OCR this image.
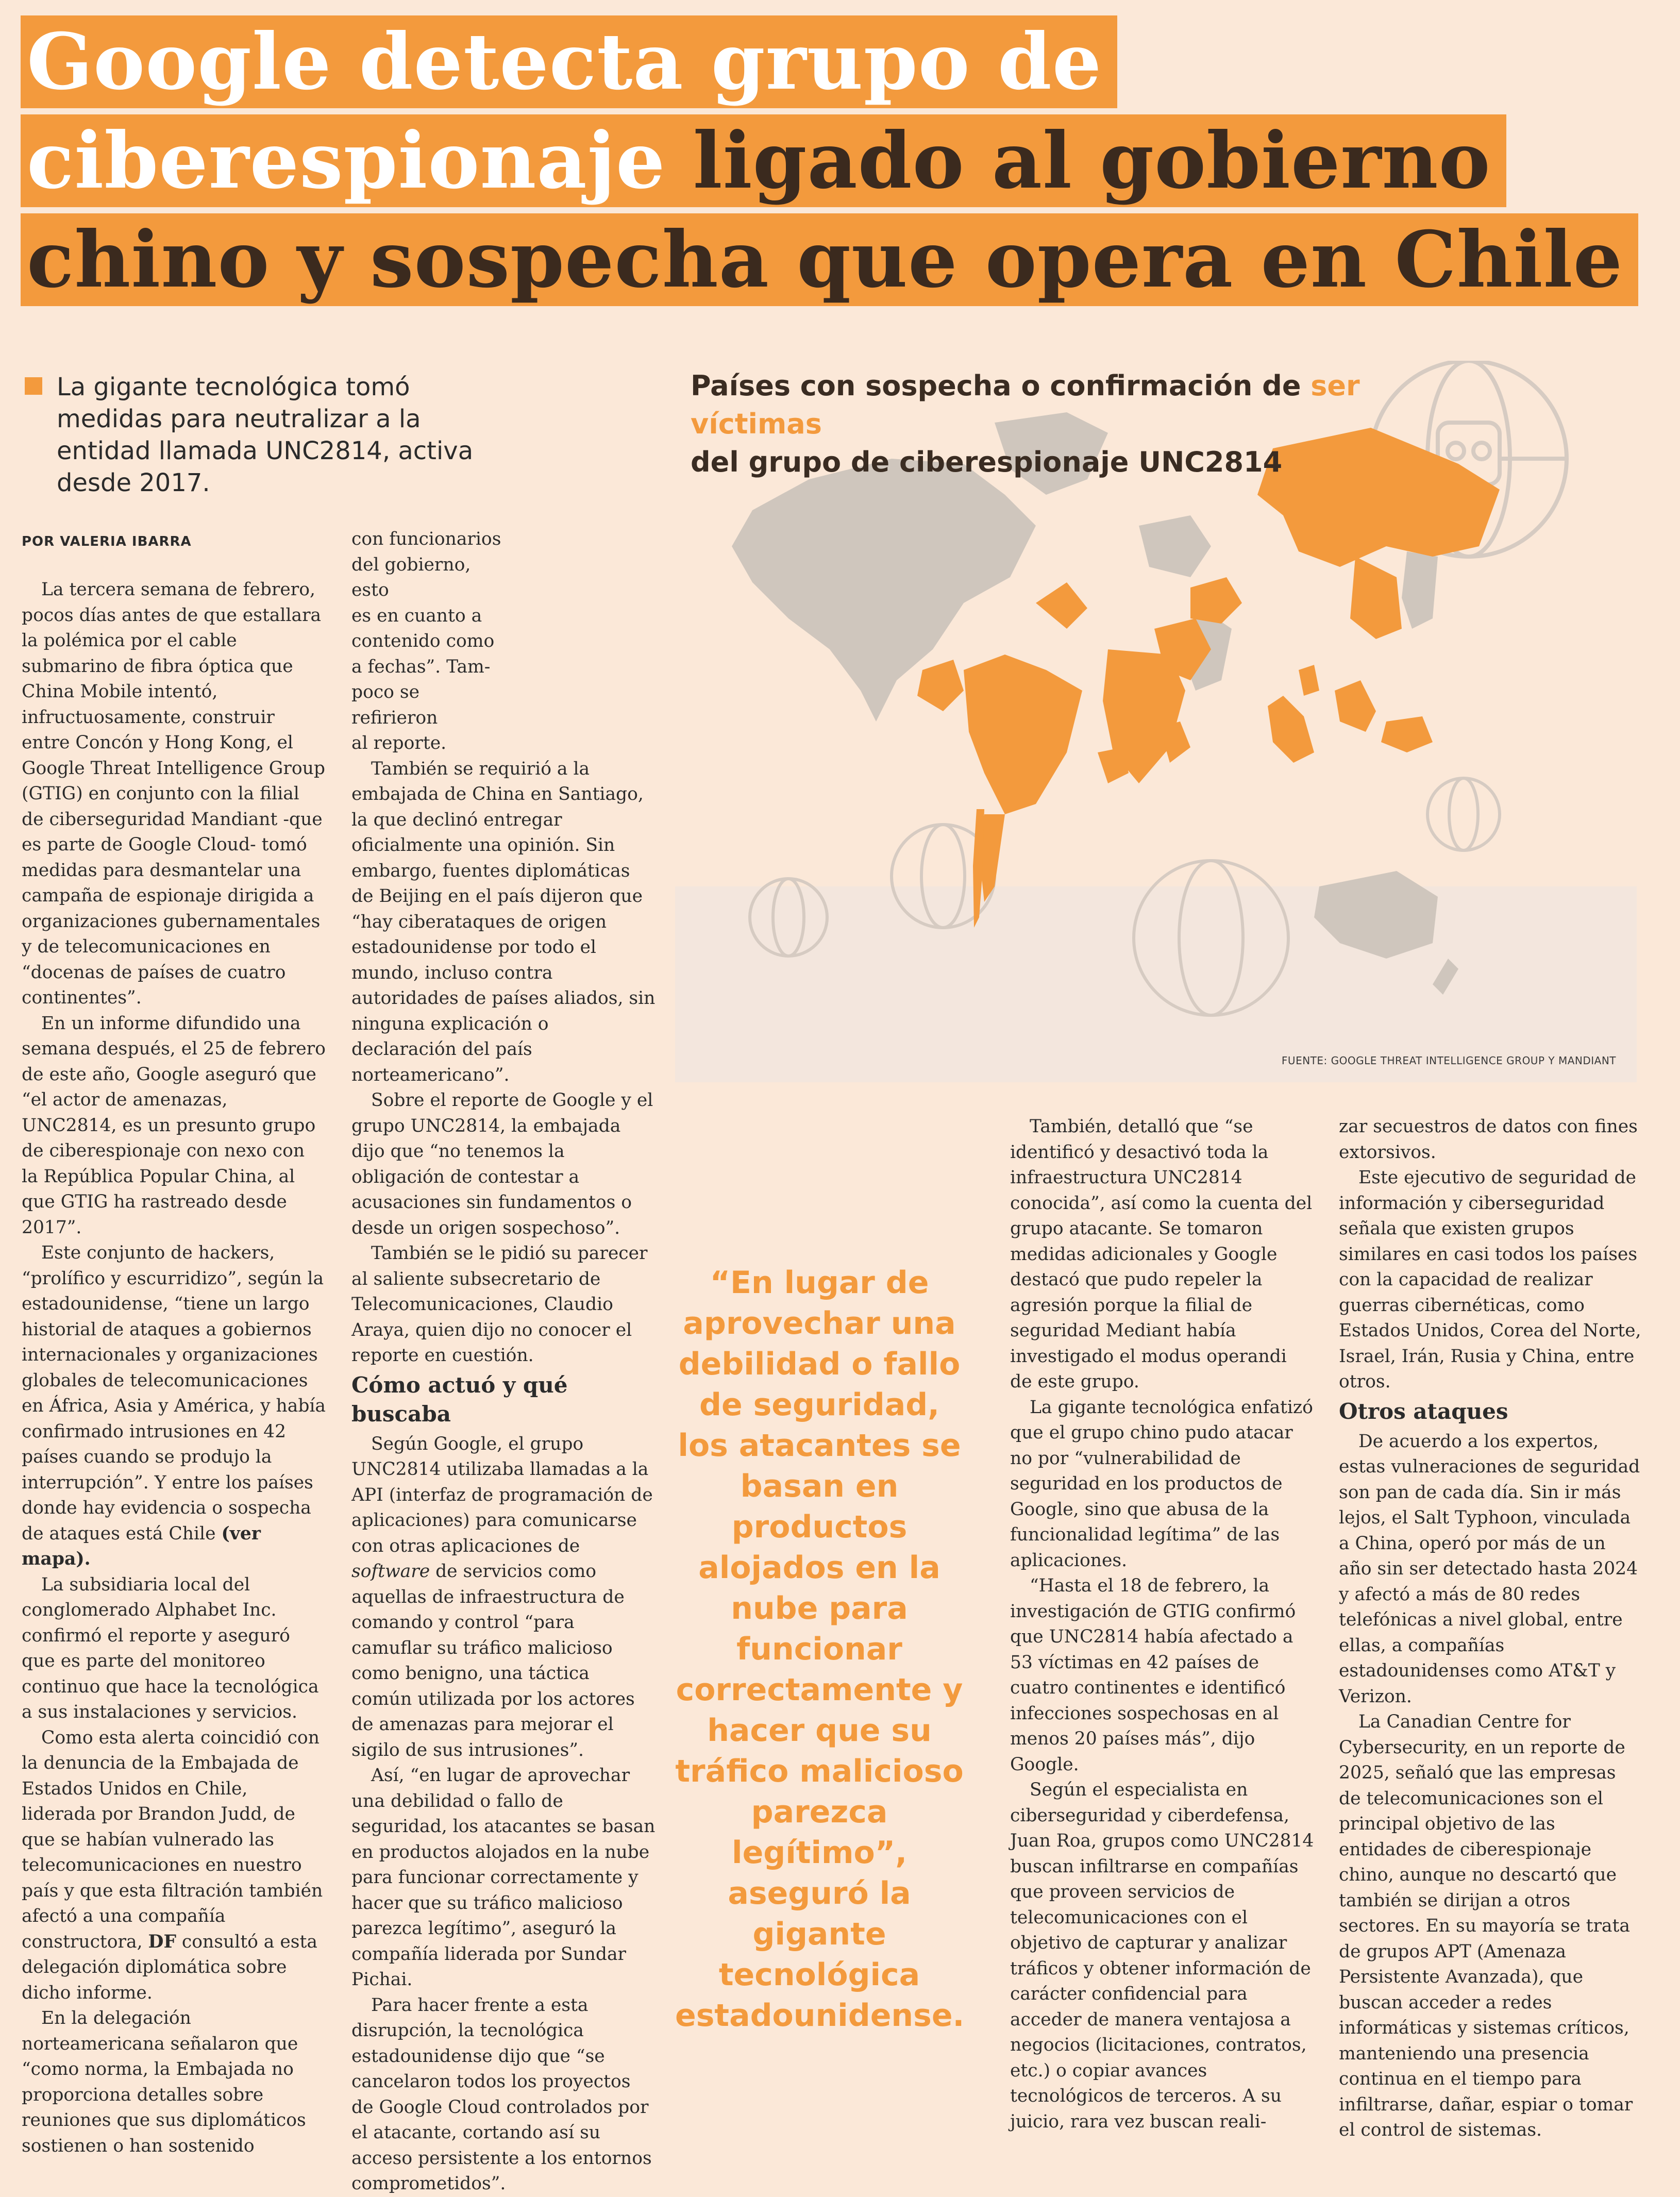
Google detecta grupo de
ciberespionaje ligado al gobierno
chino y sospecha que opera en Chile
La gigante tecnológica tomó medidas para neutralizar a la entidad llamada UNC2814, activa desde 2017.
POR VALERIA IBARRA

La tercera semana de febrero, pocos días antes de que estallara la polémica por el cable submarino de fibra óptica que China Mobile intentó, infructuosamente, construir entre Concón y Hong Kong, el Google Threat Intelligence Group (GTIG) en conjunto con la filial de ciberseguridad Mandiant -que es parte de Google Cloud- tomó medidas para desmantelar una campaña de espionaje dirigida a organizaciones gubernamentales y de telecomunicaciones en “docenas de países de cuatro continentes”.

En un informe difundido una semana después, el 25 de febrero de este año, Google aseguró que “el actor de amenazas, UNC2814, es un presunto grupo de ciberespionaje con nexo con la República Popular China, al que GTIG ha rastreado desde 2017”.

Este conjunto de hackers, “prolífico y escurridizo”, según la estadounidense, “tiene un largo historial de ataques a gobiernos internacionales y organizaciones globales de telecomunicaciones en África, Asia y América, y había confirmado intrusiones en 42 países cuando se produjo la interrupción”. Y entre los países donde hay evidencia o sospecha de ataques está Chile (ver mapa).

La subsidiaria local del conglomerado Alphabet Inc. confirmó el reporte y aseguró que es parte del monitoreo continuo que hace la tecnológica a sus instalaciones y servicios.

Como esta alerta coincidió con la denuncia de la Embajada de Estados Unidos en Chile, liderada por Brandon Judd, de que se habían vulnerado las telecomunicaciones en nuestro país y que esta filtración también afectó a una compañía constructora, DF consultó a esta delegación diplomática sobre dicho informe.

En la delegación norteamericana señalaron que “como norma, la Embajada no proporciona detalles sobre reuniones que sus diplomáticos sostienen o han sostenido

con funcionarios
del gobierno, esto
es en cuanto a
contenido como
a fechas”. Tam-
poco se refirieron
al reporte.

También se requirió a la embajada de China en Santiago, la que declinó entregar oficialmente una opinión. Sin embargo, fuentes diplomáticas de Beijing en el país dijeron que “hay ciberataques de origen estadounidense por todo el mundo, incluso contra autoridades de países aliados, sin ninguna explicación o declaración del país norteamericano”.

Sobre el reporte de Google y el grupo UNC2814, la embajada dijo que “no tenemos la obligación de contestar a acusaciones sin fundamentos o desde un origen sospechoso”.

También se le pidió su parecer al saliente subsecretario de Telecomunicaciones, Claudio Araya, quien dijo no conocer el reporte en cuestión.

Cómo actuó y qué buscaba

Según Google, el grupo UNC2814 utilizaba llamadas a la API (interfaz de programación de aplicaciones) para comunicarse con otras aplicaciones de software de servicios como aquellas de infraestructura de comando y control “para camuflar su tráfico malicioso como benigno, una táctica común utilizada por los actores de amenazas para mejorar el sigilo de sus intrusiones”.

Así, “en lugar de aprovechar una debilidad o fallo de seguridad, los atacantes se basan en productos alojados en la nube para funcionar correctamente y hacer que su tráfico malicioso parezca legítimo”, aseguró la compañía liderada por Sundar Pichai.

Para hacer frente a esta disrupción, la tecnológica estadounidense dijo que “se cancelaron todos los proyectos de Google Cloud controlados por el atacante, cortando así su acceso persistente a los entornos comprometidos”.

Países con sospecha o confirmación de ser víctimas
del grupo de ciberespionaje UNC2814
FUENTE: GOOGLE THREAT INTELLIGENCE GROUP Y MANDIANT
“En lugar de aprovechar una debilidad o fallo de seguridad, los atacantes se basan en productos alojados en la nube para funcionar correctamente y hacer que su tráfico malicioso parezca legítimo”, aseguró la gigante tecnológica estadounidense.

También, detalló que “se identificó y desactivó toda la infraestructura UNC2814 conocida”, así como la cuenta del grupo atacante. Se tomaron medidas adicionales y Google destacó que pudo repeler la agresión porque la filial de seguridad Mediant había investigado el modus operandi de este grupo.

La gigante tecnológica enfatizó que el grupo chino pudo atacar no por “vulnerabilidad de seguridad en los productos de Google, sino que abusa de la funcionalidad legítima” de las aplicaciones.

“Hasta el 18 de febrero, la investigación de GTIG confirmó que UNC2814 había afectado a 53 víctimas en 42 países de cuatro continentes e identificó infecciones sospechosas en al menos 20 países más”, dijo Google.

Según el especialista en ciberseguridad y ciberdefensa, Juan Roa, grupos como UNC2814 buscan infiltrarse en compañías que proveen servicios de telecomunicaciones con el objetivo de capturar y analizar tráficos y obtener información de carácter confidencial para acceder de manera ventajosa a negocios (licitaciones, contratos, etc.) o copiar avances tecnológicos de terceros. A su juicio, rara vez buscan reali-

zar secuestros de datos con fines extorsivos.

Este ejecutivo de seguridad de información y ciberseguridad señala que existen grupos similares en casi todos los países con la capacidad de realizar guerras cibernéticas, como Estados Unidos, Corea del Norte, Israel, Irán, Rusia y China, entre otros.

Otros ataques

De acuerdo a los expertos, estas vulneraciones de seguridad son pan de cada día. Sin ir más lejos, el Salt Typhoon, vinculada a China, operó por más de un año sin ser detectado hasta 2024 y afectó a más de 80 redes telefónicas a nivel global, entre ellas, a compañías estadounidenses como AT&T y Verizon.

La Canadian Centre for Cybersecurity, en un reporte de 2025, señaló que las empresas de telecomunicaciones son el principal objetivo de las entidades de ciberespionaje chino, aunque no descartó que también se dirijan a otros sectores. En su mayoría se trata de grupos APT (Amenaza Persistente Avanzada), que buscan acceder a redes informáticas y sistemas críticos, manteniendo una presencia continua en el tiempo para infiltrarse, dañar, espiar o tomar el control de sistemas.
